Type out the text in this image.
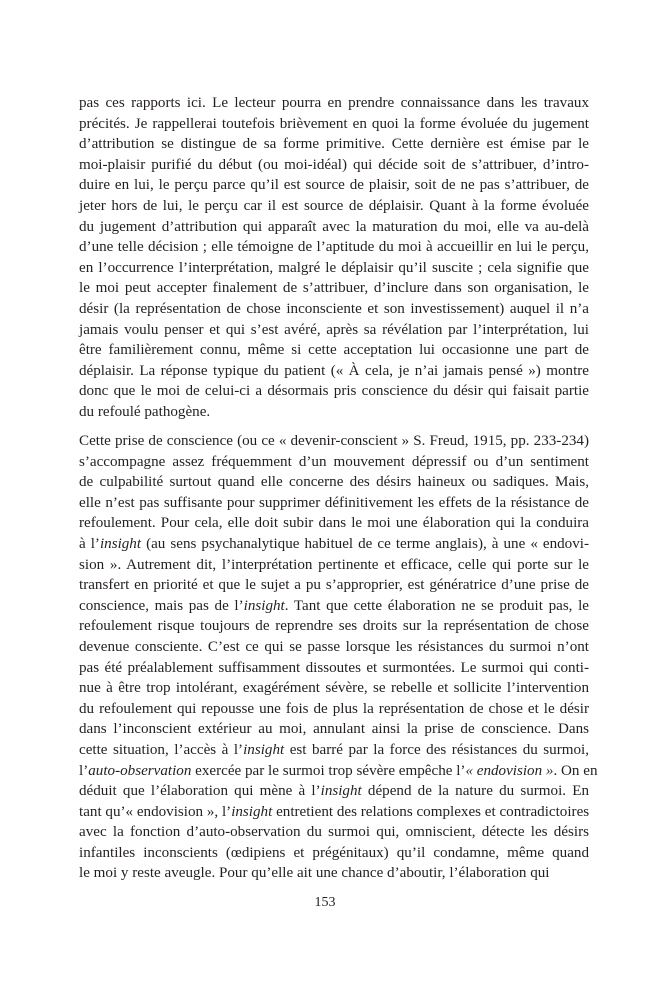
pas ces rapports ici. Le lecteur pourra en prendre connaissance dans les travaux
précités. Je rappellerai toutefois brièvement en quoi la forme évoluée du jugement
d’attribution se distingue de sa forme primitive. Cette dernière est émise par le
moi-plaisir purifié du début (ou moi-idéal) qui décide soit de s’attribuer, d’intro-
duire en lui, le perçu parce qu’il est source de plaisir, soit de ne pas s’attribuer, de
jeter hors de lui, le perçu car il est source de déplaisir. Quant à la forme évoluée
du jugement d’attribution qui apparaît avec la maturation du moi, elle va au-delà
d’une telle décision ; elle témoigne de l’aptitude du moi à accueillir en lui le perçu,
en l’occurrence l’interprétation, malgré le déplaisir qu’il suscite ; cela signifie que
le moi peut accepter finalement de s’attribuer, d’inclure dans son organisation, le
désir (la représentation de chose inconsciente et son investissement) auquel il n’a
jamais voulu penser et qui s’est avéré, après sa révélation par l’interprétation, lui
être familièrement connu, même si cette acceptation lui occasionne une part de
déplaisir. La réponse typique du patient (« À cela, je n’ai jamais pensé ») montre
donc que le moi de celui-ci a désormais pris conscience du désir qui faisait partie
du refoulé pathogène.
Cette prise de conscience (ou ce « devenir-conscient » S. Freud, 1915, pp. 233-234)
s’accompagne assez fréquemment d’un mouvement dépressif ou d’un sentiment
de culpabilité surtout quand elle concerne des désirs haineux ou sadiques. Mais,
elle n’est pas suffisante pour supprimer définitivement les effets de la résistance de
refoulement. Pour cela, elle doit subir dans le moi une élaboration qui la conduira
à l’insight (au sens psychanalytique habituel de ce terme anglais), à une « endovi-
sion ». Autrement dit, l’interprétation pertinente et efficace, celle qui porte sur le
transfert en priorité et que le sujet a pu s’approprier, est génératrice d’une prise de
conscience, mais pas de l’insight. Tant que cette élaboration ne se produit pas, le
refoulement risque toujours de reprendre ses droits sur la représentation de chose
devenue consciente. C’est ce qui se passe lorsque les résistances du surmoi n’ont
pas été préalablement suffisamment dissoutes et surmontées. Le surmoi qui conti-
nue à être trop intolérant, exagérément sévère, se rebelle et sollicite l’intervention
du refoulement qui repousse une fois de plus la représentation de chose et le désir
dans l’inconscient extérieur au moi, annulant ainsi la prise de conscience. Dans
cette situation, l’accès à l’insight est barré par la force des résistances du surmoi,
l’auto-observation exercée par le surmoi trop sévère empêche l’« endovision ». On en
déduit que l’élaboration qui mène à l’insight dépend de la nature du surmoi. En
tant qu’« endovision », l’insight entretient des relations complexes et contradictoires
avec la fonction d’auto-observation du surmoi qui, omniscient, détecte les désirs
infantiles inconscients (œdipiens et prégénitaux) qu’il condamne, même quand
le moi y reste aveugle. Pour qu’elle ait une chance d’aboutir, l’élaboration qui
153
